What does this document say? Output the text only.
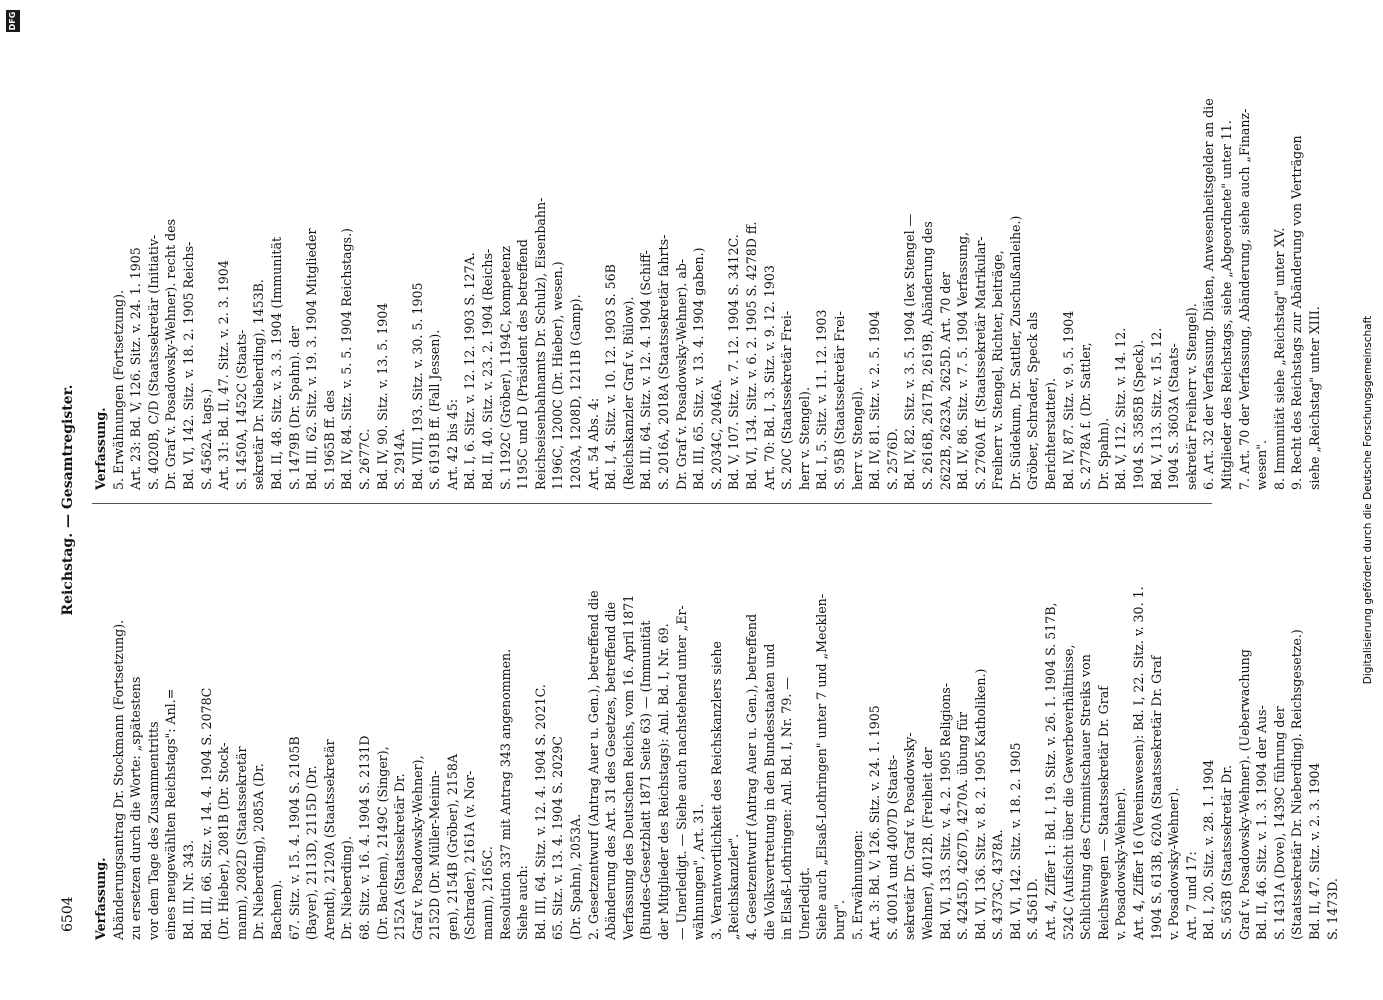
6504
Reichstag. — Gesamtregister.
Verfassung. Abänderungsantrag Dr. Stockmann (Fortsetzung). zu ersetzen durch die Worte: „spätestens vor dem Tage des Zusammentritts eines neugewählten Reichstags": Anl.= Bd. III, Nr. 343. Bd. III, 66. Sitz. v. 14. 4. 1904 S. 2078C (Dr. Hieber), 2081B (Dr. Stock- mann), 2082D (Staatssekretär Dr. Nieberding), 2085A (Dr. Bachem). 67. Sitz. v. 15. 4. 1904 S. 2105B (Bayer), 2113D, 2115D (Dr. Arendt), 2120A (Staatssekretär Dr. Nieberding). 68. Sitz. v. 16. 4. 1904 S. 2131D (Dr. Bachem), 2149C (Singer), 2152A (Staatssekretär Dr. Graf v. Posadowsky-Wehner), 2152D (Dr. Müller-Meinin- gen), 2154B (Gröber), 2158A (Schrader), 2161A (v. Nor- mann), 2165C. Resolution 337 mit Antrag 343 angenommen. Siehe auch: Bd. III, 64. Sitz. v. 12. 4. 1904 S. 2021C. 65. Sitz. v. 13. 4. 1904 S. 2029C (Dr. Spahn), 2053A. 2. Gesetzentwurf (Antrag Auer u. Gen.), betreffend die Abänderung des Art. 31 des Gesetzes, betreffend die Verfassung des Deutschen Reichs, vom 16. April 1871 (Bundes-Gesetzblatt 1871 Seite 63) — (Immunität der Mitglieder des Reichstags): Anl. Bd. I, Nr. 69. — Unerledigt. — Siehe auch nachstehend unter „Er- wähnungen", Art. 31. 3. Verantwortlichkeit des Reichskanzlers siehe „Reichskanzler". 4. Gesetzentwurf (Antrag Auer u. Gen.), betreffend die Volksvertretung in den Bundesstaaten und in Elsaß-Lothringen: Anl. Bd. I, Nr. 79. — Unerledigt. Siehe auch „Elsaß-Lothringen" unter 7 und „Mecklen- burg". 5. Erwähnungen: Art. 3: Bd. V, 126. Sitz. v. 24. 1. 1905 S. 4001A und 4007D (Staats- sekretär Dr. Graf v. Posadowsky- Wehner), 4012B. (Freiheit der Bd. VI, 133. Sitz. v. 4. 2. 1905 Religions- S. 4245D, 4267D, 4270A. übung für Bd. VI, 136. Sitz. v. 8. 2. 1905 Katholiken.) S. 4373C, 4378A. Bd. VI, 142. Sitz. v. 18. 2. 1905 S. 4561D. Art. 4, Ziffer 1: Bd. I, 19. Sitz. v. 26. 1. 1904 S. 517B, 524C (Aufsicht über die Gewerbeverhältnisse, Schlichtung des Crimmitschauer Streiks von Reichswegen — Staatssekretär Dr. Graf v. Posadowsky-Wehner). Art. 4, Ziffer 16 (Vereinswesen): Bd. I, 22. Sitz. v. 30. 1. 1904 S. 613B, 620A (Staatssekretär Dr. Graf v. Posadowsky-Wehner). Art. 7 und 17: Bd. I, 20. Sitz. v. 28. 1. 1904 S. 563B (Staatssekretär Dr. Graf v. Posadowsky-Wehner). (Ueberwachung Bd. II, 46. Sitz. v. 1. 3. 1904 der Aus- S. 1431A (Dove), 1439C führung der (Staatssekretär Dr. Nieberding). Reichsgesetze.) Bd. II, 47. Sitz. v. 2. 3. 1904 S. 1473D.
Verfassung. 5. Erwähnungen (Fortsetzung). Art. 23: Bd. V, 126. Sitz. v. 24. 1. 1905 S. 4020B, C/D (Staatssekretär (Initiativ- Dr. Graf v. Posadowsky-Wehner). recht des Bd. VI, 142. Sitz. v. 18. 2. 1905 Reichs- S. 4562A. tags.) Art. 31: Bd. II, 47. Sitz. v. 2. 3. 1904 S. 1450A, 1452C (Staats- sekretär Dr. Nieberding), 1453B. Bd. II, 48. Sitz. v. 3. 3. 1904 (Immunität S. 1479B (Dr. Spahn). der Bd. III, 62. Sitz. v. 19. 3. 1904 Mitglieder S. 1965B ff. des Bd. IV, 84. Sitz. v. 5. 5. 1904 Reichstags.) S. 2677C. Bd. IV, 90. Sitz. v. 13. 5. 1904 S. 2914A. Bd. VIII, 193. Sitz. v. 30. 5. 1905 S. 6191B ff. (Fall Jessen). Art. 42 bis 45: Bd. I, 6. Sitz. v. 12. 12. 1903 S. 127A. Bd. II, 40. Sitz. v. 23. 2. 1904 (Reichs- S. 1192C (Gröber), 1194C, kompetenz 1195C und D (Präsident des betreffend Reichseisenbahnamts Dr. Schulz), Eisenbahn- 1196C, 1200C (Dr. Hieber), wesen.) 1203A, 1208D, 1211B (Gamp). Art. 54 Abs. 4: Bd. I, 4. Sitz. v. 10. 12. 1903 S. 56B (Reichskanzler Graf v. Bülow). Bd. III, 64. Sitz. v. 12. 4. 1904 (Schiff- S. 2016A, 2018A (Staatssekretär fahrts- Dr. Graf v. Posadowsky-Wehner). ab- Bd. III, 65. Sitz. v. 13. 4. 1904 gaben.) S. 2034C, 2046A. Bd. V, 107. Sitz. v. 7. 12. 1904 S. 3412C. Bd. VI, 134. Sitz. v. 6. 2. 1905 S. 4278D ff. Art. 70: Bd. I, 3. Sitz. v. 9. 12. 1903 S. 20C (Staatssekretär Frei- herr v. Stengel). Bd. I, 5. Sitz. v. 11. 12. 1903 S. 95B (Staatssekretär Frei- herr v. Stengel). Bd. IV, 81. Sitz. v. 2. 5. 1904 S. 2576D. Bd. IV, 82. Sitz. v. 3. 5. 1904 (lex Stengel — S. 2616B, 2617B, 2619B, Abänderung des 2622B, 2623A, 2625D. Art. 70 der Bd. IV, 86. Sitz. v. 7. 5. 1904 Verfassung, S. 2760A ff. (Staatssekretär Matrikular- Freiherr v. Stengel, Richter, beiträge, Dr. Südekum, Dr. Sattler, Zuschußanleihe.) Gröber, Schrader, Speck als Berichterstatter). Bd. IV, 87. Sitz. v. 9. 5. 1904 S. 2778A f. (Dr. Sattler, Dr. Spahn). Bd. V, 112. Sitz. v. 14. 12. 1904 S. 3585B (Speck). Bd. V, 113. Sitz. v. 15. 12. 1904 S. 3603A (Staats- sekretär Freiherr v. Stengel). 6. Art. 32 der Verfassung. Diäten, Anwesenheitsgelder an die Mitglieder des Reichstags, siehe „Abgeordnete" unter 11. 7. Art. 70 der Verfassung, Abänderung, siehe auch „Finanz- wesen". 8. Immunität siehe „Reichstag" unter XV. 9. Recht des Reichstags zur Abänderung von Verträgen siehe „Reichstag" unter XIII.	Digitalisierung gefördert durch die Deutsche Forschungsgemeinschaft
DFG
